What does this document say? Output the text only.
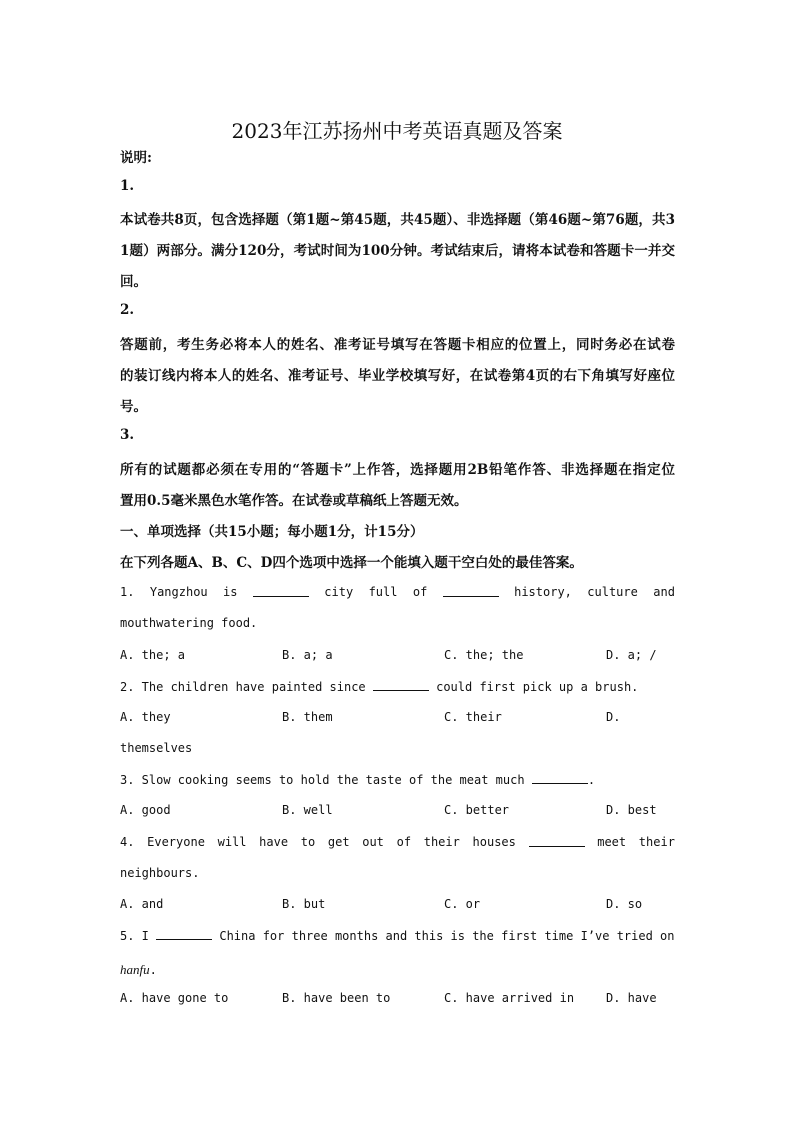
2023年江苏扬州中考英语真题及答案
说明:
1.
本试卷共8页，包含选择题（第1题~第45题，共45题）、非选择题（第46题~第76题，共3
1题）两部分。满分120分，考试时间为100分钟。考试结束后，请将本试卷和答题卡一并交
回。
2.
答题前，考生务必将本人的姓名、准考证号填写在答题卡相应的位置上，同时务必在试卷
的装订线内将本人的姓名、准考证号、毕业学校填写好，在试卷第4页的右下角填写好座位
号。
3.
所有的试题都必须在专用的“答题卡”上作答，选择题用2B铅笔作答、非选择题在指定位
置用0.5毫米黑色水笔作答。在试卷或草稿纸上答题无效。
一、单项选择（共15小题；每小题1分，计15分）
在下列各题A、B、C、D四个选项中选择一个能填入题干空白处的最佳答案。
1. Yangzhou is	city full of	history, culture and
mouthwatering food.
A. the; a	B. a; a	C. the; the	D. a; /
2. The children have painted since	could first pick up a brush.
A. they	B. them	C. their	D.
themselves
3. Slow cooking seems to hold the taste of the meat much	.
A. good	B. well	C. better	D. best
4. Everyone will have to get out of their houses	meet their
neighbours.
A. and	B. but	C. or	D. so
5. I	China for three months and this is the first time I’ve tried on
hanfu.
A. have gone to	B. have been to	C. have arrived in	D. have
